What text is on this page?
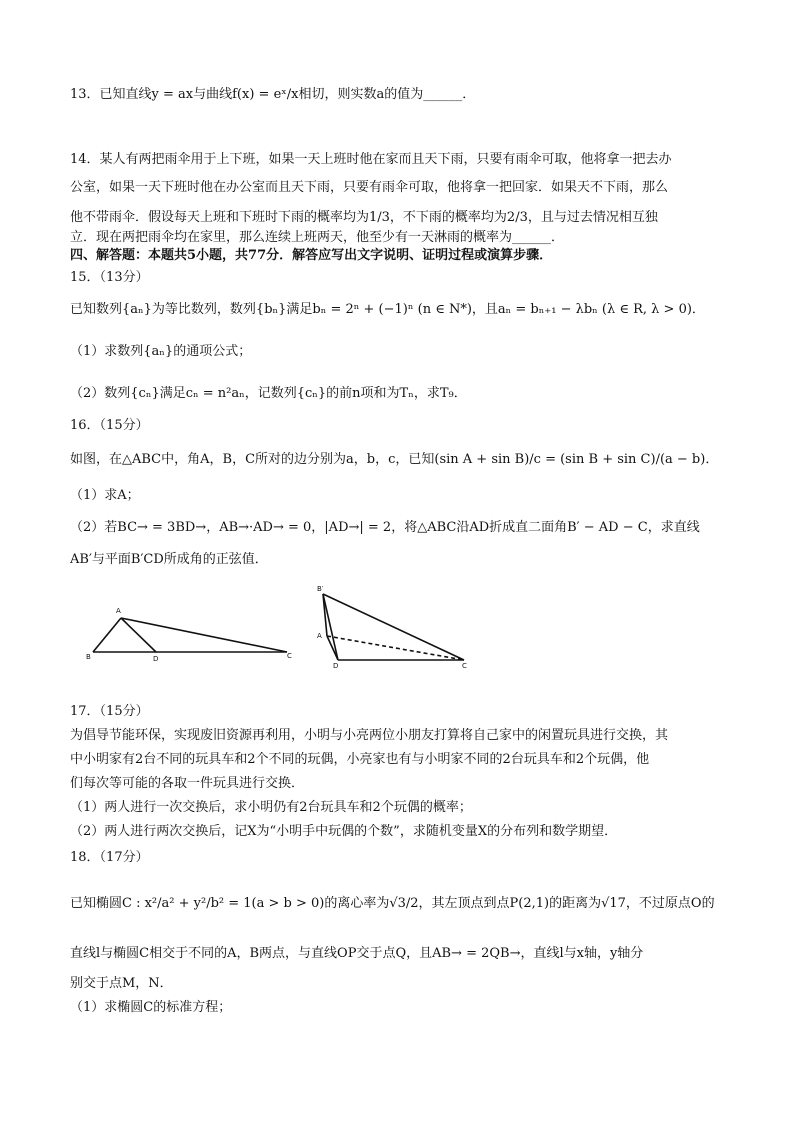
13．已知直线y = ax与曲线f(x) = eˣ/x相切，则实数a的值为______．
14．某人有两把雨伞用于上下班，如果一天上班时他在家而且天下雨，只要有雨伞可取，他将拿一把去办
公室，如果一天下班时他在办公室而且天下雨，只要有雨伞可取，他将拿一把回家．如果天不下雨，那么
他不带雨伞．假设每天上班和下班时下雨的概率均为1/3，不下雨的概率均为2/3，且与过去情况相互独
立．现在两把雨伞均在家里，那么连续上班两天，他至少有一天淋雨的概率为______．
四、解答题：本题共5小题，共77分．解答应写出文字说明、证明过程或演算步骤．
15．（13分）
已知数列{aₙ}为等比数列，数列{bₙ}满足bₙ = 2ⁿ + (−1)ⁿ (n ∈ N*)，且aₙ = bₙ₊₁ − λbₙ (λ ∈ R, λ > 0)．
（1）求数列{aₙ}的通项公式；
（2）数列{cₙ}满足cₙ = n²aₙ，记数列{cₙ}的前n项和为Tₙ，求T₉．
16．（15分）
如图，在△ABC中，角A，B，C所对的边分别为a，b，c，已知(sin A + sin B)/c = (sin B + sin C)/(a − b)．
（1）求A；
（2）若BC→ = 3BD→，AB→·AD→ = 0，|AD→| = 2，将△ABC沿AD折成直二面角B′ − AD − C，求直线
AB′与平面B′CD所成角的正弦值．
A
B	D	C
B′
A
D	C
17．（15分）
为倡导节能环保，实现废旧资源再利用，小明与小亮两位小朋友打算将自己家中的闲置玩具进行交换，其
中小明家有2台不同的玩具车和2个不同的玩偶，小亮家也有与小明家不同的2台玩具车和2个玩偶，他
们每次等可能的各取一件玩具进行交换．
（1）两人进行一次交换后，求小明仍有2台玩具车和2个玩偶的概率；
（2）两人进行两次交换后，记X为“小明手中玩偶的个数”，求随机变量X的分布列和数学期望．
18．（17分）
已知椭圆C : x²/a² + y²/b² = 1(a > b > 0)的离心率为√3/2，其左顶点到点P(2,1)的距离为√17，不过原点O的
直线l与椭圆C相交于不同的A，B两点，与直线OP交于点Q，且AB→ = 2QB→，直线l与x轴，y轴分
别交于点M，N．
（1）求椭圆C的标准方程；
